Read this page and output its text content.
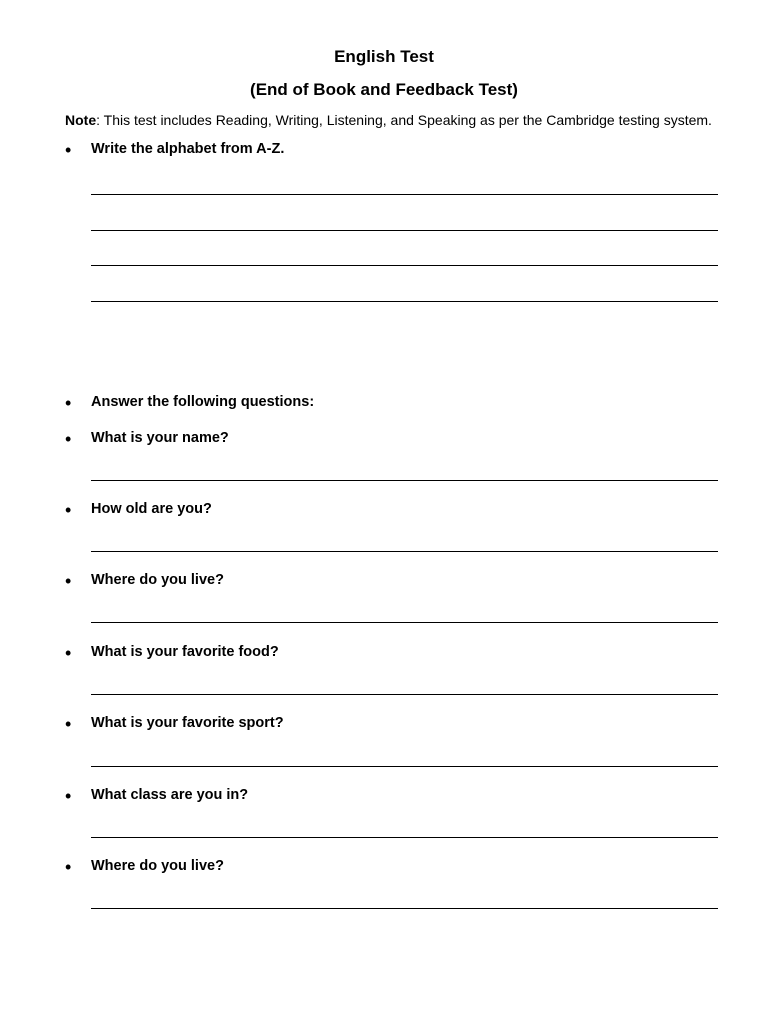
English Test
(End of Book and Feedback Test)

Note: This test includes Reading, Writing, Listening, and Speaking as per the Cambridge testing system.

• Write the alphabet from A-Z.

• Answer the following questions:

• What is your name?

• How old are you?

• Where do you live?

• What is your favorite food?

• What is your favorite sport?

• What class are you in?

• Where do you live?
